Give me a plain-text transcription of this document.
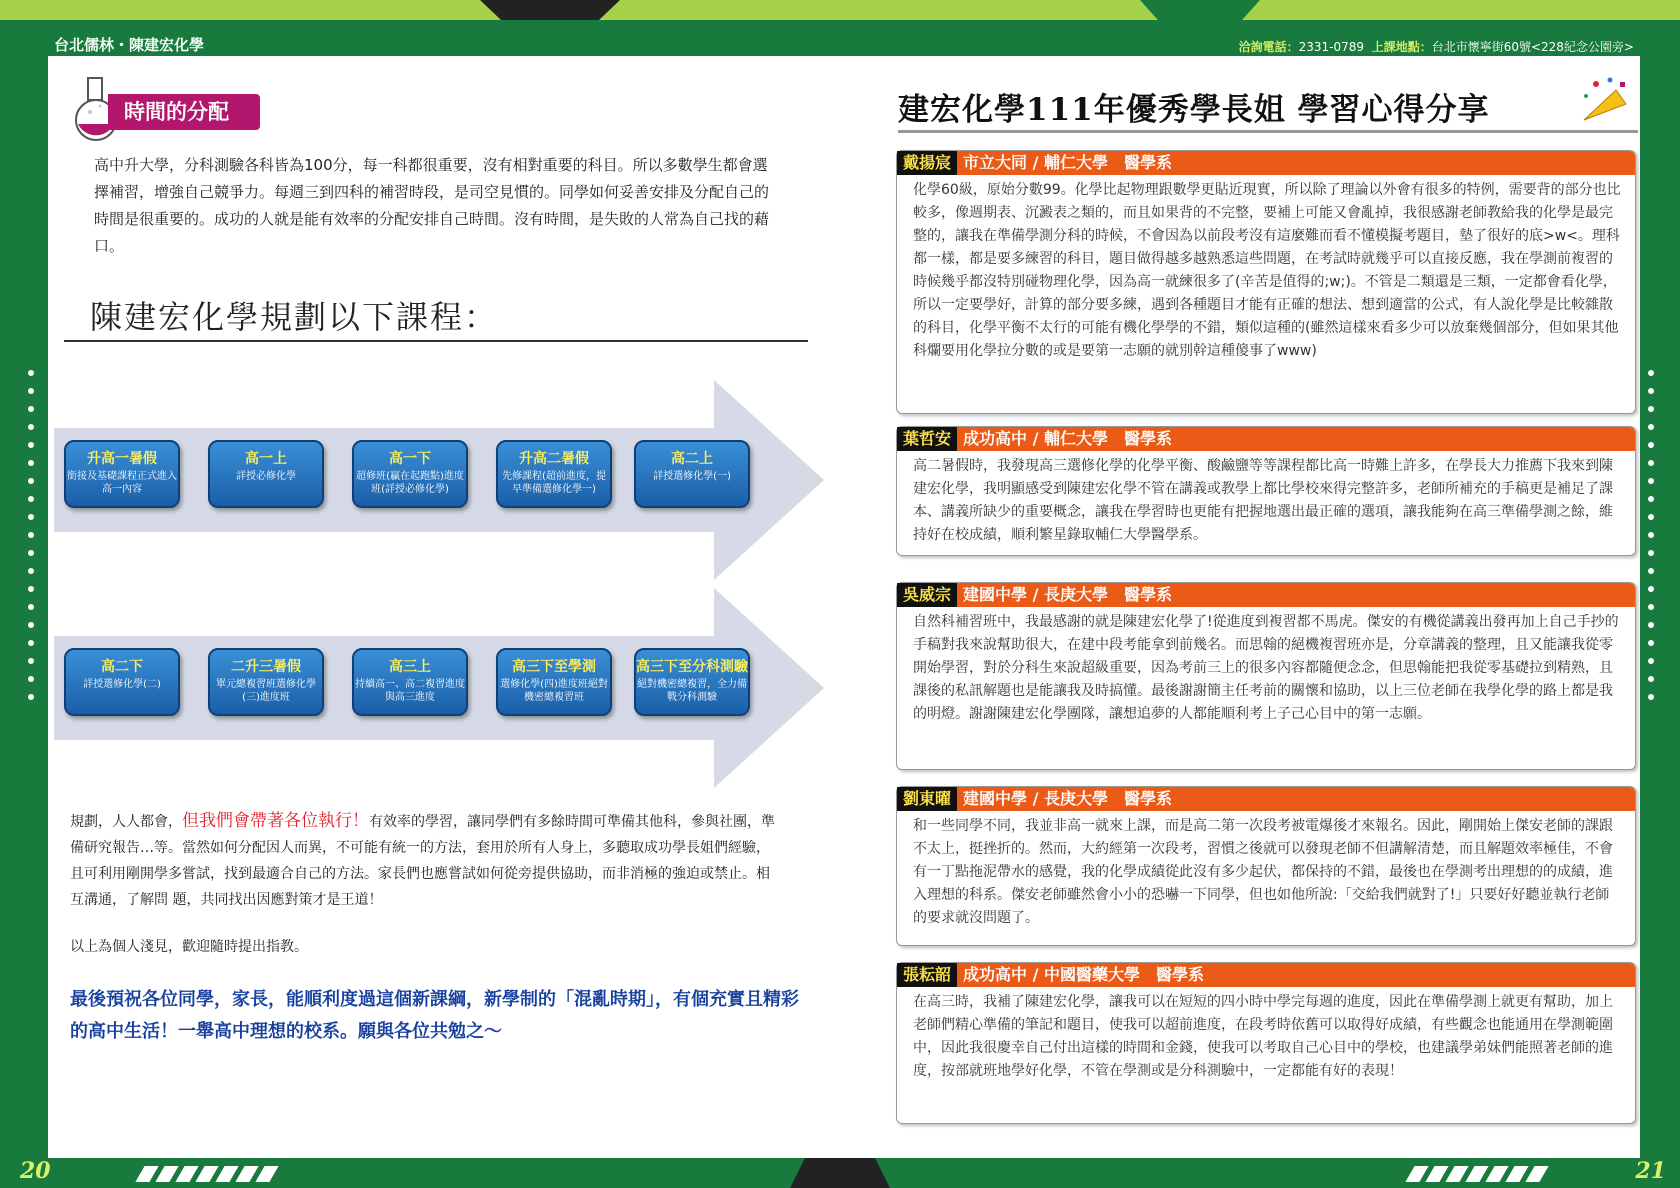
台北儒林・陳建宏化學	洽詢電話：2331-0789 上課地點：台北市懷寧街60號<228紀念公園旁>
時間的分配
高中升大學，分科測驗各科皆為100分，每一科都很重要，沒有相對重要的科目。所以多數學生都會選擇補習，增強自己競爭力。每週三到四科的補習時段，是司空見慣的。同學如何妥善安排及分配自己的時間是很重要的。成功的人就是能有效率的分配安排自己時間。沒有時間，是失敗的人常為自己找的藉口。
陳建宏化學規劃以下課程：
升高一暑假
銜接及基礎課程正式進入高一內容
高一上
詳授必修化學
高一下
超修班(贏在起跑點)進度班(詳授必修化學)
升高二暑假
先修課程(超前進度，提早準備選修化學一)
高二上
詳授選修化學(一)
高二下
詳授選修化學(二)
二升三暑假
單元總複習班選修化學(三)進度班
高三上
持續高一、高二複習進度與高三進度
高三下至學測
選修化學(四)進度班絕對機密總複習班
高三下至分科測驗
絕對機密總複習，全力備戰分科測驗
規劃，人人都會，但我們會帶著各位執行！有效率的學習，讓同學們有多餘時間可準備其他科，參與社團，準備研究報告…等。當然如何分配因人而異，不可能有統一的方法，套用於所有人身上，多聽取成功學長姐們經驗，且可利用剛開學多嘗試，找到最適合自己的方法。家長們也應嘗試如何從旁提供協助，而非消極的強迫或禁止。相互溝通，了解問 題，共同找出因應對策才是王道！
以上為個人淺見，歡迎隨時提出指教。
最後預祝各位同學，家長，能順利度過這個新課綱，新學制的「混亂時期」，有個充實且精彩的高中生活！一舉高中理想的校系。願與各位共勉之～
20
建宏化學111年優秀學長姐 學習心得分享
戴揚宸 市立大同 / 輔仁大學　醫學系
化學60級，原始分數99。化學比起物理跟數學更貼近現實，所以除了理論以外會有很多的特例，需要背的部分也比較多，像週期表、沉澱表之類的，而且如果背的不完整，要補上可能又會亂掉，我很感謝老師教給我的化學是最完整的，讓我在準備學測分科的時候，不會因為以前段考沒有這麼難而看不懂模擬考題目，墊了很好的底>w<。理科都一樣，都是要多練習的科目，題目做得越多越熟悉這些問題，在考試時就幾乎可以直接反應，我在學測前複習的時候幾乎都沒特別碰物理化學，因為高一就練很多了(辛苦是值得的;w;)。不管是二類還是三類，一定都會看化學，所以一定要學好，計算的部分要多練，遇到各種題目才能有正確的想法、想到適當的公式，有人說化學是比較雜散的科目，化學平衡不太行的可能有機化學學的不錯，類似這種的(雖然這樣來看多少可以放棄幾個部分，但如果其他科爛要用化學拉分數的或是要第一志願的就別幹這種傻事了www)
葉哲安 成功高中 / 輔仁大學　醫學系
高二暑假時，我發現高三選修化學的化學平衡、酸鹼鹽等等課程都比高一時難上許多，在學長大力推薦下我來到陳建宏化學，我明顯感受到陳建宏化學不管在講義或教學上都比學校來得完整許多，老師所補充的手稿更是補足了課本、講義所缺少的重要概念，讓我在學習時也更能有把握地選出最正確的選項，讓我能夠在高三準備學測之餘，維持好在校成績，順利繁星錄取輔仁大學醫學系。
吳威宗 建國中學 / 長庚大學　醫學系
自然科補習班中，我最感謝的就是陳建宏化學了!從進度到複習都不馬虎。傑安的有機從講義出發再加上自己手抄的手稿對我來說幫助很大，在建中段考能拿到前幾名。而思翰的絕機複習班亦是，分章講義的整理，且又能讓我從零開始學習，對於分科生來說超級重要，因為考前三上的很多內容都隨便念念，但思翰能把我從零基礎拉到精熟，且課後的私訊解題也是能讓我及時搞懂。最後謝謝簡主任考前的關懷和協助，以上三位老師在我學化學的路上都是我的明燈。謝謝陳建宏化學團隊，讓想追夢的人都能順利考上子己心目中的第一志願。
劉東曜 建國中學 / 長庚大學　醫學系
和一些同學不同，我並非高一就來上課，而是高二第一次段考被電爆後才來報名。因此，剛開始上傑安老師的課跟不太上，挺挫折的。然而，大約經第一次段考，習慣之後就可以發現老師不但講解清楚，而且解題效率極佳，不會有一丁點拖泥帶水的感覺，我的化學成績從此沒有多少起伏，都保持的不錯，最後也在學測考出理想的的成績，進入理想的科系。傑安老師雖然會小小的恐嚇一下同學，但也如他所說:「交給我們就對了!」只要好好聽並執行老師的要求就沒問題了。
張耘韶 成功高中 / 中國醫藥大學　醫學系
在高三時，我補了陳建宏化學，讓我可以在短短的四小時中學完每週的進度，因此在準備學測上就更有幫助，加上老師們精心準備的筆記和題目，使我可以超前進度，在段考時依舊可以取得好成績，有些觀念也能通用在學測範圍中，因此我很慶幸自己付出這樣的時間和金錢，使我可以考取自己心目中的學校，也建議學弟妹們能照著老師的進度，按部就班地學好化學，不管在學測或是分科測驗中，一定都能有好的表現！
21
